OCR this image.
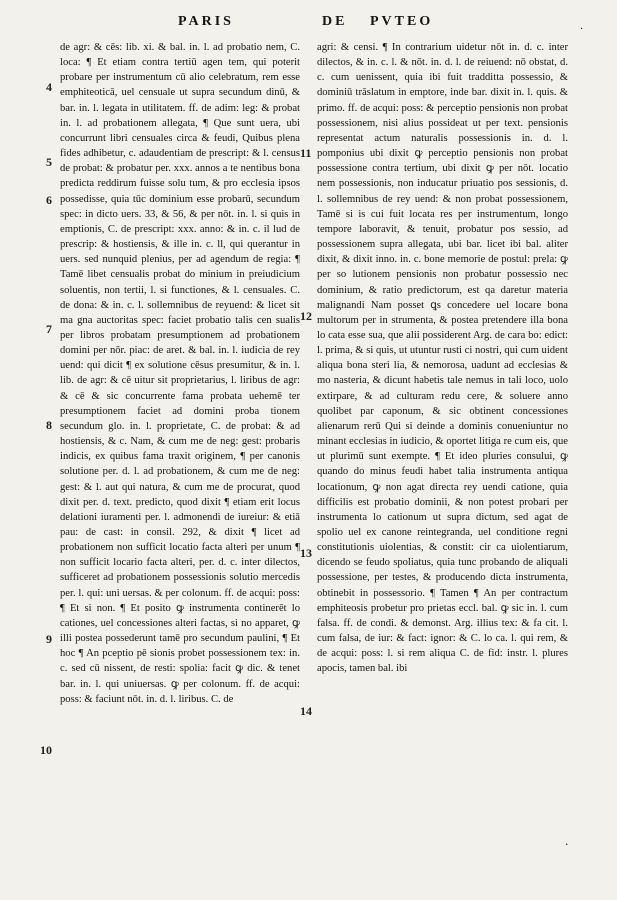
PARIS	DE PVTEO
·

de agr: & cēs: lib. xi. & bal. in. l. ad probatio nem, C. loca: ¶ Et etiam contra tertiū agen tem, qui poterit probare per instrumentum cū alio celebratum, rem esse emphiteoticā, uel censuale ut supra secundum dinū, & bar. in. l. legata in utilitatem. ff. de adim: leg: & probat in. l. ad probationem allegata, ¶ Que sunt uera, ubi concurrunt libri censuales circa & feudi, Quibus plena fides adhibetur, c. adaudentiam de prescript: & l. census de probat: & probatur per. xxx. annos a te nentibus bona predicta reddirum fuisse solu tum, & pro ecclesia ipsos possedisse, quia tūc dominium esse probarū, secundum spec: in dicto uers. 33, & 56, & per nōt. in. l. si quis in emptionis, C. de prescript: xxx. anno: & in. c. il lud de prescrip: & hostiensis, & ille in. c. ll, qui querantur in uers. sed nunquid plenius, per ad agendum de regia: ¶ Tamē libet censualis probat do minium in preiudicium soluentis, non tertii, l. si functiones, & l. censuales. C. de dona: & in. c. l. sollemnibus de reyuend: & licet sit ma gna auctoritas spec: faciet probatio talis cen sualis per libros probatam presumptionem ad probationem domini per nōr. piac: de aret. & bal. in. l. iudicia de rey uend: qui dicit ¶ ex solutione cēsus presumitur, & in. l. lib. de agr: & cē uitur sit proprietarius, l. liribus de agr: & cē & sic concurrente fama probata uehemē ter presumptionem faciet ad domini proba tionem secundum glo. in. l. proprietate, C. de probat: & ad hostiensis, & c. Nam, & cum me de neg: gest: probaris indicis, ex quibus fama traxit originem, ¶ per canonis solutione per. d. l. ad probationem, & cum me de neg: gest: & l. aut qui natura, & cum me de procurat, quod dixit per. d. text. predicto, quod dixit ¶ etiam erit locus delationi iuramenti per. l. admonendi de iureiur: & etiā pau: de cast: in consil. 292, & dixit ¶ licet ad probationem non sufficit locatio facta alteri per unum ¶ non sufficit locario facta alteri, per. d. c. inter dilectos, sufficeret ad probationem possessionis solutio mercedis per. l. qui: uni uersas. & per colonum. ff. de acqui: poss: ¶ Et si non. ¶ Et posito ꝙ instrumenta continerēt lo cationes, uel concessiones alteri factas, si no apparet, ꝙ illi postea possederunt tamē pro secundum paulini, ¶ Et hoc ¶ An pceptio pē sionis probet possessionem tex: in. c. sed cū nissent, de resti: spolia: facit ꝙ dic. & tenet bar. in. l. qui uniuersas. ꝙ per colonum. ff. de acqui: poss: & faciunt nōt. in. d. l. liribus. C. de

agri: & censi. ¶ In contrarium uidetur nōt in. d. c. inter dilectos, & in. c. l. & nōt. in. d. l. de reiuend: nō obstat, d. c. cum uenissent, quia ibi fuit tradditta possessio, & dominiū trāslatum in emptore, inde bar. dixit in. l. quis. & primo. ff. de acqui: poss: & perceptio pensionis non probat possessionem, nisi alius possideat ut per text. pensionis representat actum naturalis possessionis in. d. l. pomponius ubi dixit ꝙ perceptio pensionis non probat possessione contra tertium, ubi dixit ꝙ per nōt. locatio nem possessionis, non inducatur priuatio pos sessionis, d. l. sollemnibus de rey uend: & non probat possessionem, Tamē si is cui fuit locata res per instrumentum, longo tempore laboravit, & tenuit, probatur pos sessio, ad possessionem supra allegata, ubi bar. licet ibi bal. aliter dixit, & dixit inno. in. c. bone memorie de postul: prela: ꝙ per so lutionem pensionis non probatur possessio nec dominium, & ratio predictorum, est qa daretur materia malignandi Nam posset ꝗs concedere uel locare bona multorum per in strumenta, & postea pretendere illa bona lo cata esse sua, que alii possiderent Arg. de cara bo: edict: l. prima, & si quis, ut utuntur rusti ci nostri, qui cum uident aliqua bona steri lia, & nemorosa, uadunt ad ecclesias & mo nasteria, & dicunt habetis tale nemus in tali loco, uolo extirpare, & ad culturam redu cere, & soluere anno quolibet par caponum, & sic obtinent concessiones alienarum rerū Qui si deinde a dominis conueniuntur no minant ecclesias in iudicio, & oportet litiga re cum eis, que ut plurimū sunt exempte. ¶ Et ideo pluries consului, ꝙ quando do minus feudi habet talia instrumenta antiqua locationum, ꝙ non agat directa rey uendi catione, quia difficilis est probatio dominii, & non potest probari per instrumenta lo cationum ut supra dictum, sed agat de spolio uel ex canone reintegranda, uel conditione regni constitutionis uiolentias, & constit: cir ca uiolentiarum, dicendo se feudo spoliatus, quia tunc probando de aliquali possessione, per testes, & producendo dicta instrumenta, obtinebit in possessorio. ¶ Tamen ¶ An per contractum emphiteosis probetur pro prietas eccl. bal. ꝙ sic in. l. cum falsa. ff. de condi. & demonst. Arg. illius tex: & fa cit. l. cum falsa, de iur: & fact: ignor: & C. lo ca. l. qui rem, & de acqui: poss: l. si rem aliqua C. de fid: instr. l. plures apocis, tamen bal. ibi

4
5
6
7
8
9
10
11
12
13
14
·
